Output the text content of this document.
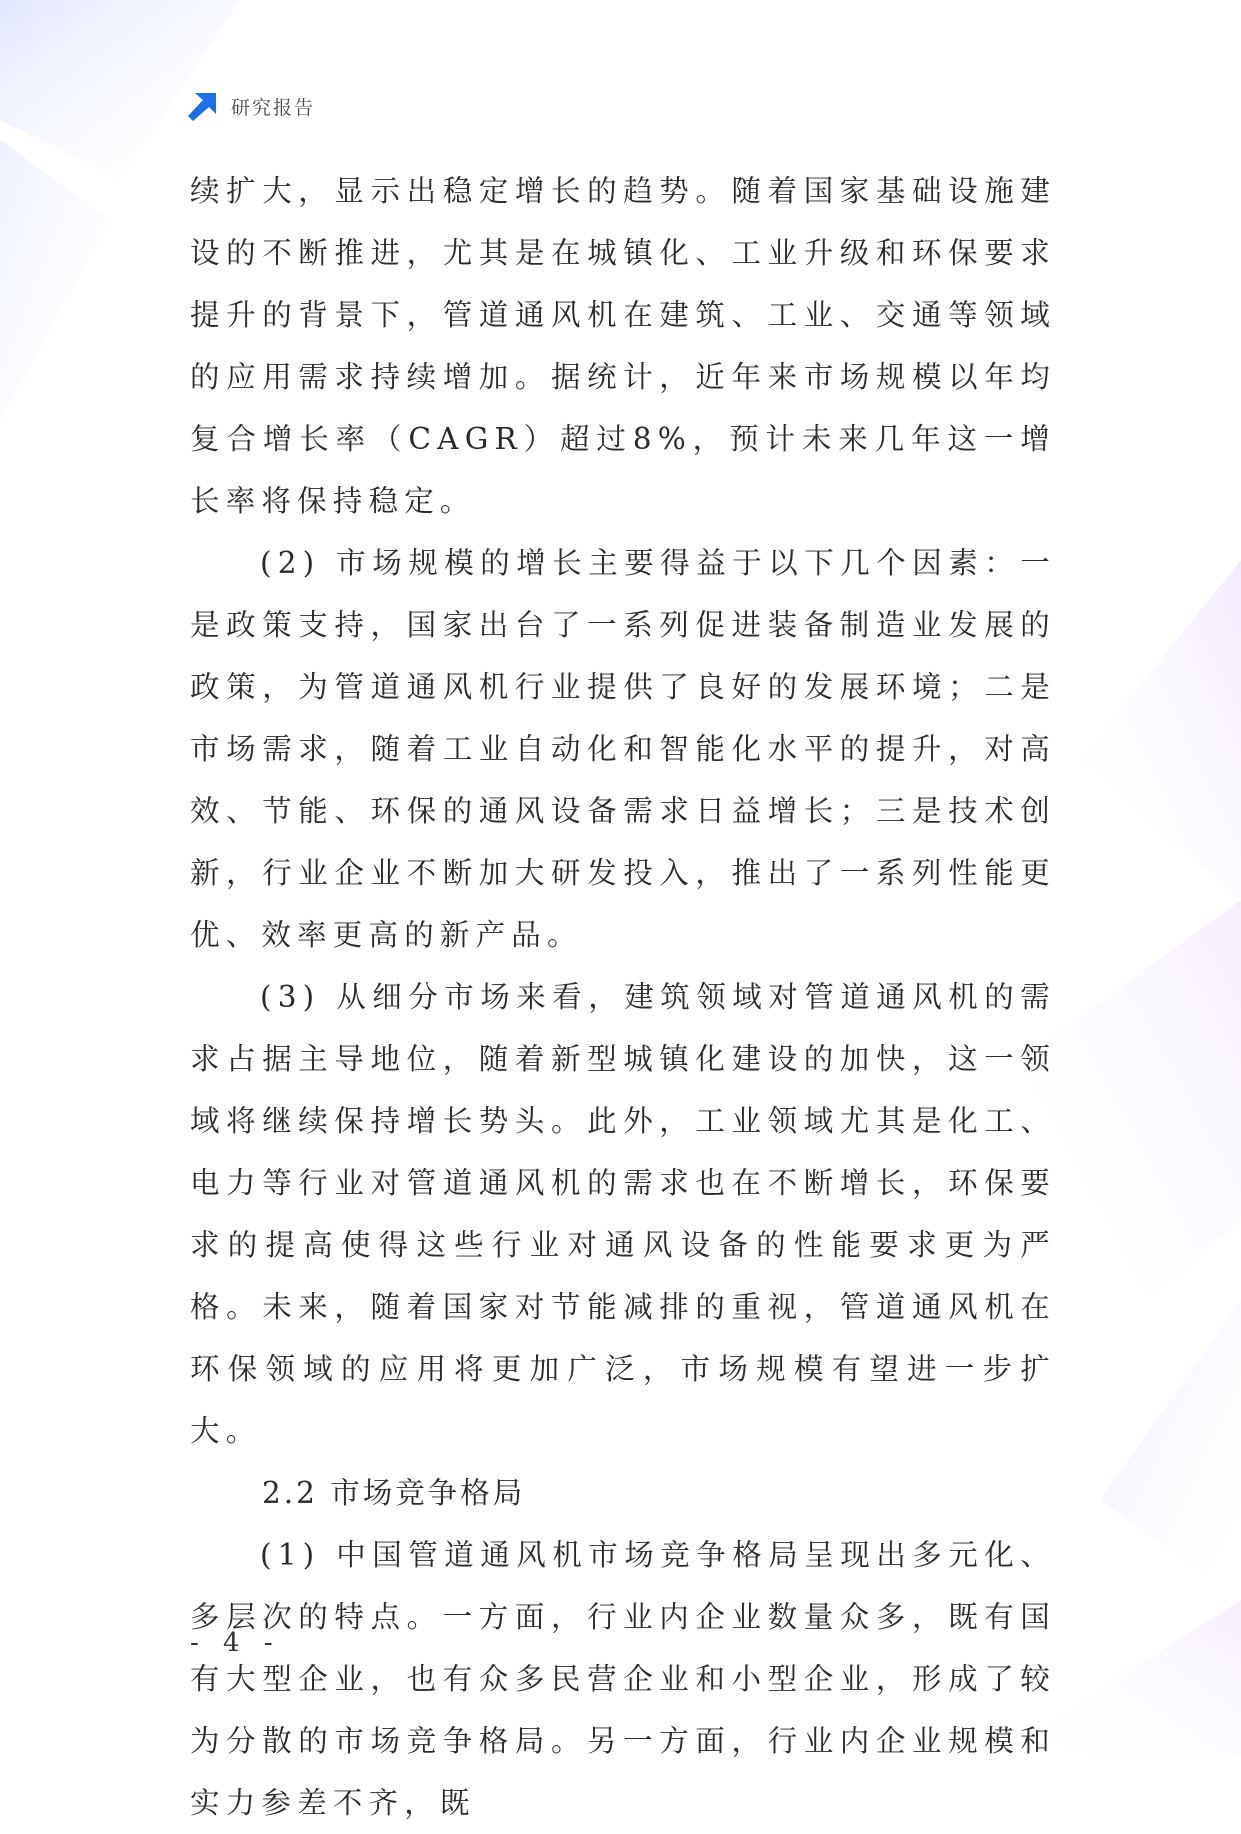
研究报告

续扩大，显示出稳定增长的趋势。随着国家基础设施建设的不断推进，尤其是在城镇化、工业升级和环保要求提升的背景下，管道通风机在建筑、工业、交通等领域的应用需求持续增加。据统计，近年来市场规模以年均复合增长率（CAGR）超过8%，预计未来几年这一增长率将保持稳定。

(2) 市场规模的增长主要得益于以下几个因素：一是政策支持，国家出台了一系列促进装备制造业发展的政策，为管道通风机行业提供了良好的发展环境；二是市场需求，随着工业自动化和智能化水平的提升，对高效、节能、环保的通风设备需求日益增长；三是技术创新，行业企业不断加大研发投入，推出了一系列性能更优、效率更高的新产品。

(3) 从细分市场来看，建筑领域对管道通风机的需求占据主导地位，随着新型城镇化建设的加快，这一领域将继续保持增长势头。此外，工业领域尤其是化工、电力等行业对管道通风机的需求也在不断增长，环保要求的提高使得这些行业对通风设备的性能要求更为严格。未来，随着国家对节能减排的重视，管道通风机在环保领域的应用将更加广泛，市场规模有望进一步扩大。

2.2 市场竞争格局

(1) 中国管道通风机市场竞争格局呈现出多元化、多层次的特点。一方面，行业内企业数量众多，既有国有大型企业，也有众多民营企业和小型企业，形成了较为分散的市场竞争格局。另一方面，行业内企业规模和实力参差不齐，既

- 4 -
